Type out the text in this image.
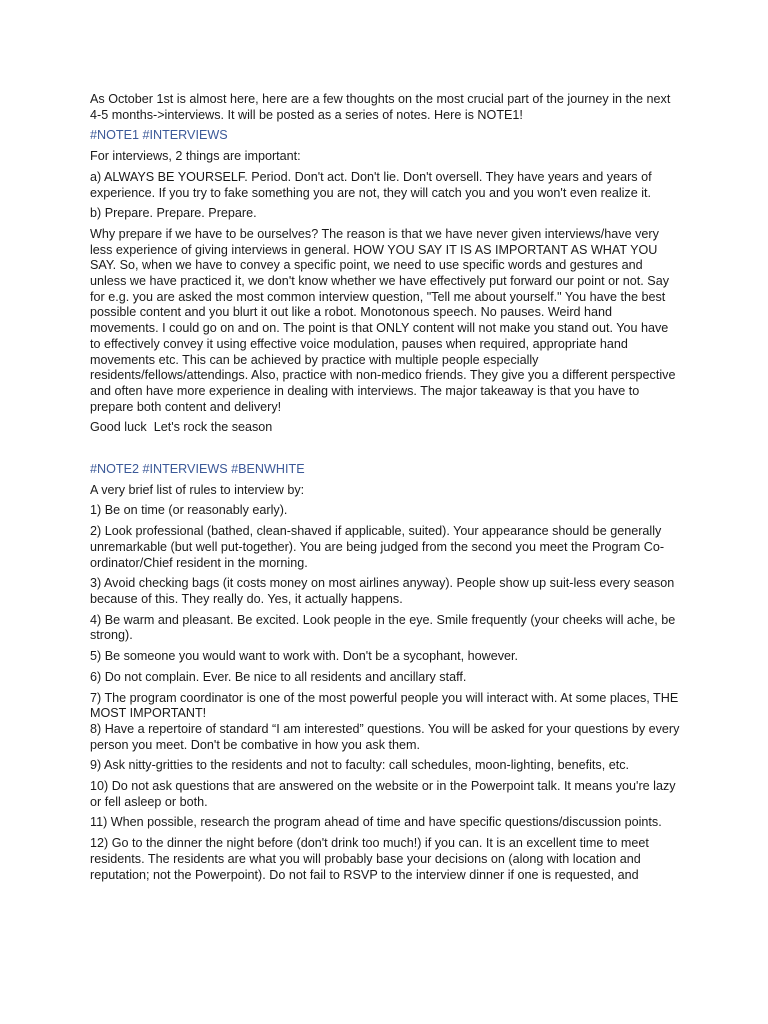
As October 1st is almost here, here are a few thoughts on the most crucial part of the journey in the next 4-5 months->interviews. It will be posted as a series of notes. Here is NOTE1!

#NOTE1 #INTERVIEWS

For interviews, 2 things are important:

a) ALWAYS BE YOURSELF. Period. Don't act. Don't lie. Don't oversell. They have years and years of experience. If you try to fake something you are not, they will catch you and you won't even realize it.

b) Prepare. Prepare. Prepare.

Why prepare if we have to be ourselves? The reason is that we have never given interviews/have very less experience of giving interviews in general. HOW YOU SAY IT IS AS IMPORTANT AS WHAT YOU SAY. So, when we have to convey a specific point, we need to use specific words and gestures and unless we have practiced it, we don't know whether we have effectively put forward our point or not. Say for e.g. you are asked the most common interview question, "Tell me about yourself." You have the best possible content and you blurt it out like a robot. Monotonous speech. No pauses. Weird hand movements. I could go on and on. The point is that ONLY content will not make you stand out. You have to effectively convey it using effective voice modulation, pauses when required, appropriate hand movements etc. This can be achieved by practice with multiple people especially residents/fellows/attendings. Also, practice with non-medico friends. They give you a different perspective and often have more experience in dealing with interviews. The major takeaway is that you have to prepare both content and delivery!

Good luck  Let's rock the season

#NOTE2 #INTERVIEWS #BENWHITE

A very brief list of rules to interview by:

1) Be on time (or reasonably early).

2) Look professional (bathed, clean-shaved if applicable, suited). Your appearance should be generally unremarkable (but well put-together). You are being judged from the second you meet the Program Co-ordinator/Chief resident in the morning.

3) Avoid checking bags (it costs money on most airlines anyway). People show up suit-less every season because of this. They really do. Yes, it actually happens.

4) Be warm and pleasant. Be excited. Look people in the eye. Smile frequently (your cheeks will ache, be strong).

5) Be someone you would want to work with. Don't be a sycophant, however.

6) Do not complain. Ever. Be nice to all residents and ancillary staff.

7) The program coordinator is one of the most powerful people you will interact with. At some places, THE MOST IMPORTANT!

8) Have a repertoire of standard “I am interested” questions. You will be asked for your questions by every person you meet. Don't be combative in how you ask them.

9) Ask nitty-gritties to the residents and not to faculty: call schedules, moon-lighting, benefits, etc.

10) Do not ask questions that are answered on the website or in the Powerpoint talk. It means you're lazy or fell asleep or both.

11) When possible, research the program ahead of time and have specific questions/discussion points.

12) Go to the dinner the night before (don't drink too much!) if you can. It is an excellent time to meet residents. The residents are what you will probably base your decisions on (along with location and reputation; not the Powerpoint). Do not fail to RSVP to the interview dinner if one is requested, and
